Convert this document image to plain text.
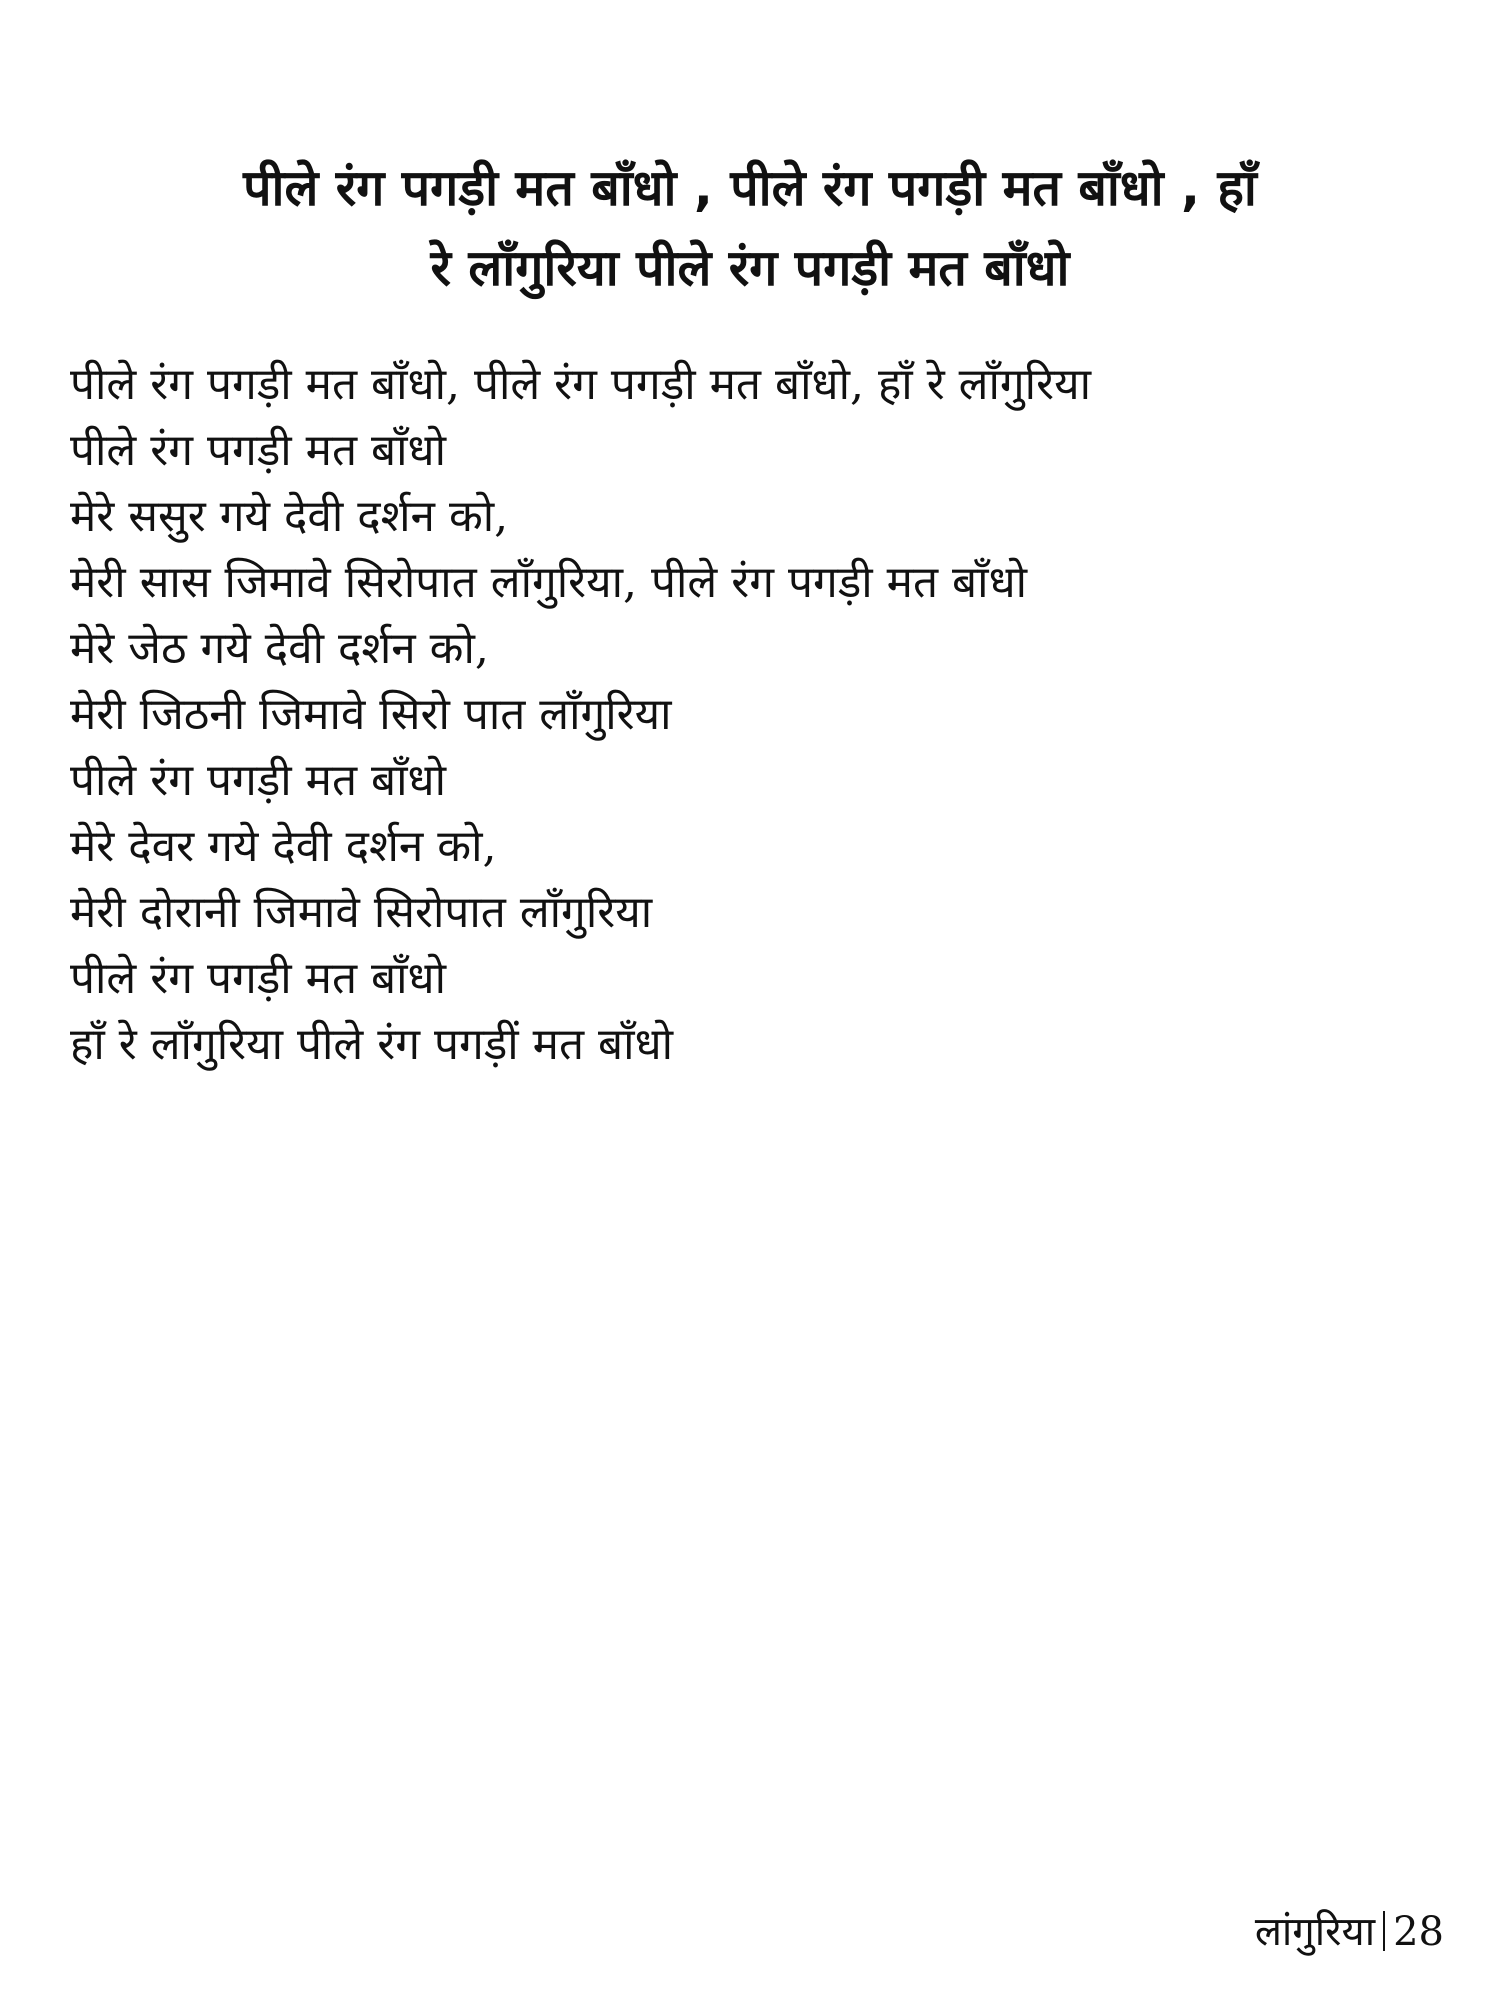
पीले रंग पगड़ी मत बाँधो , पीले रंग पगड़ी मत बाँधो , हाँ
रे लाँगुरिया पीले रंग पगड़ी मत बाँधो
पीले रंग पगड़ी मत बाँधो, पीले रंग पगड़ी मत बाँधो, हाँ रे लाँगुरिया
पीले रंग पगड़ी मत बाँधो
मेरे ससुर गये देवी दर्शन को,
मेरी सास जिमावे सिरोपात लाँगुरिया, पीले रंग पगड़ी मत बाँधो
मेरे जेठ गये देवी दर्शन को,
मेरी जिठनी जिमावे सिरो पात लाँगुरिया
पीले रंग पगड़ी मत बाँधो
मेरे देवर गये देवी दर्शन को,
मेरी दोरानी जिमावे सिरोपात लाँगुरिया
पीले रंग पगड़ी मत बाँधो
हाँ रे लाँगुरिया पीले रंग पगड़ीं मत बाँधो
लांगुरिया 28
